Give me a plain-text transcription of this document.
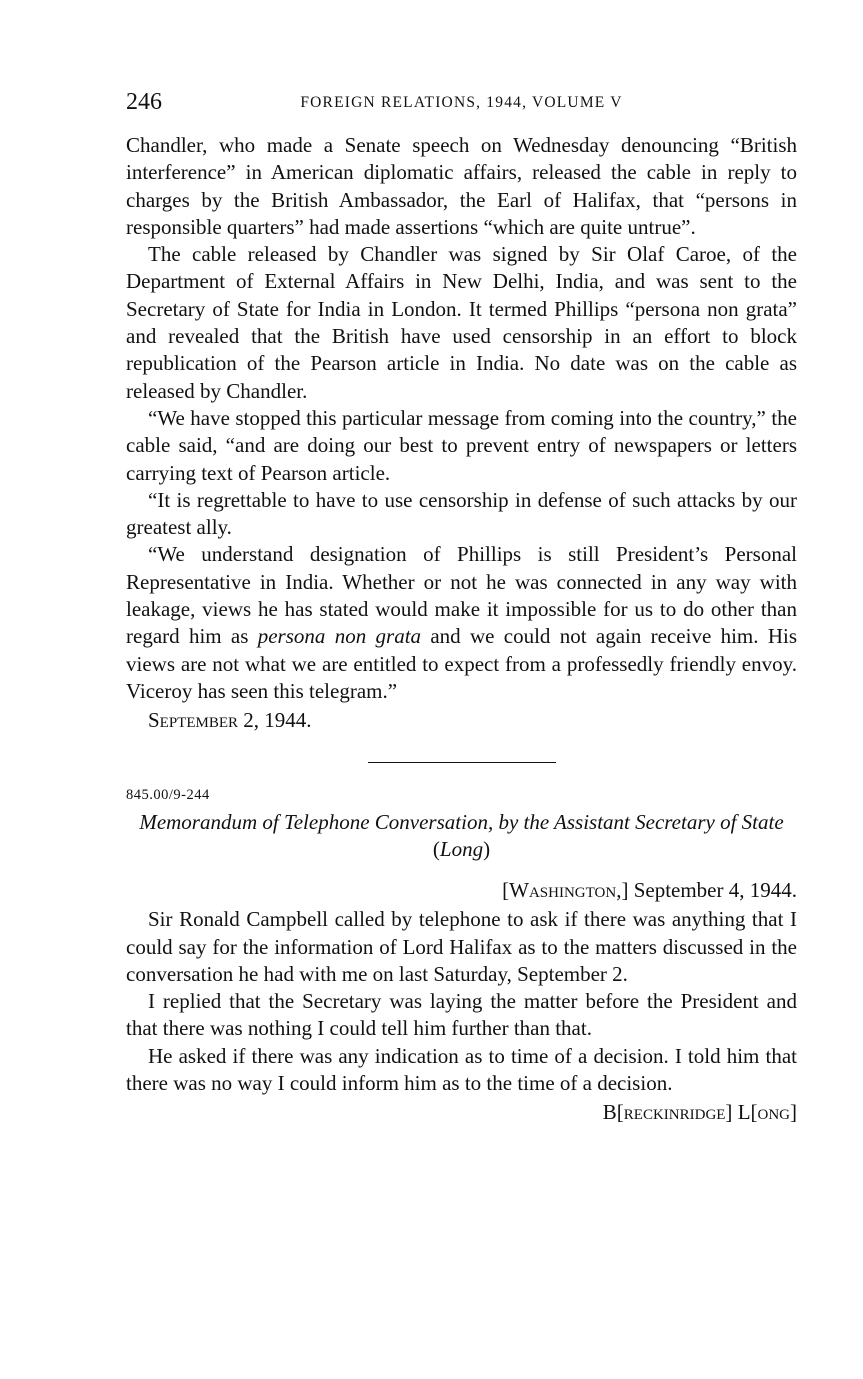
246	FOREIGN RELATIONS, 1944, VOLUME V

Chandler, who made a Senate speech on Wednesday denouncing “British interference” in American diplomatic affairs, released the cable in reply to charges by the British Ambassador, the Earl of Halifax, that “persons in responsible quarters” had made assertions “which are quite untrue”.

The cable released by Chandler was signed by Sir Olaf Caroe, of the Department of External Affairs in New Delhi, India, and was sent to the Secretary of State for India in London. It termed Phillips “persona non grata” and revealed that the British have used censorship in an effort to block republication of the Pearson article in India. No date was on the cable as released by Chandler.

“We have stopped this particular message from coming into the country,” the cable said, “and are doing our best to prevent entry of newspapers or letters carrying text of Pearson article.

“It is regrettable to have to use censorship in defense of such attacks by our greatest ally.

“We understand designation of Phillips is still President’s Personal Representative in India. Whether or not he was connected in any way with leakage, views he has stated would make it impossible for us to do other than regard him as persona non grata and we could not again receive him. His views are not what we are entitled to expect from a professedly friendly envoy. Viceroy has seen this telegram.”

September 2, 1944.
845.00/9-244
Memorandum of Telephone Conversation, by the Assistant Secretary of State (Long)
[Washington,] September 4, 1944.

Sir Ronald Campbell called by telephone to ask if there was anything that I could say for the information of Lord Halifax as to the matters discussed in the conversation he had with me on last Saturday, September 2.

I replied that the Secretary was laying the matter before the President and that there was nothing I could tell him further than that.

He asked if there was any indication as to time of a decision. I told him that there was no way I could inform him as to the time of a decision.

B[reckinridge] L[ong]
